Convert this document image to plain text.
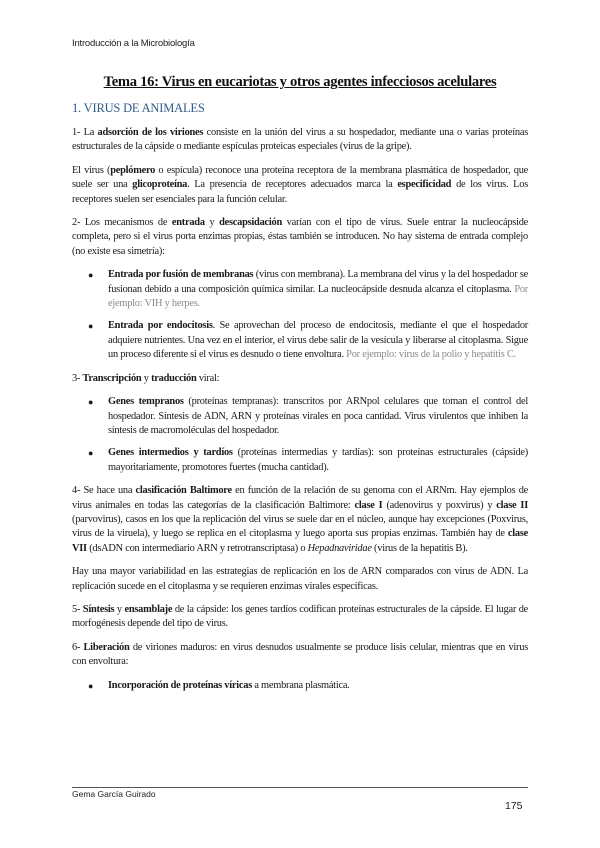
Introducción a la Microbiología
Tema 16: Virus en eucariotas y otros agentes infecciosos acelulares
1. VIRUS DE ANIMALES

1- La adsorción de los viriones consiste en la unión del virus a su hospedador, mediante una o varias proteínas estructurales de la cápside o mediante espículas proteicas especiales (virus de la gripe).

El virus (peplómero o espícula) reconoce una proteína receptora de la membrana plasmática de hospedador, que suele ser una glicoproteína. La presencia de receptores adecuados marca la especificidad de los virus. Los receptores suelen ser esenciales para la función celular.

2- Los mecanismos de entrada y descapsidación varían con el tipo de virus. Suele entrar la nucleocápside completa, pero si el virus porta enzimas propias, éstas también se introducen. No hay sistema de entrada complejo (no existe esa simetría):

● Entrada por fusión de membranas (virus con membrana). La membrana del virus y la del hospedador se fusionan debido a una composición química similar. La nucleocápside desnuda alcanza el citoplasma. Por ejemplo: VIH y herpes.
● Entrada por endocitosis. Se aprovechan del proceso de endocitosis, mediante el que el hospedador adquiere nutrientes. Una vez en el interior, el virus debe salir de la vesícula y liberarse al citoplasma. Sigue un proceso diferente si el virus es desnudo o tiene envoltura. Por ejemplo: virus de la polio y hepatitis C.

3- Transcripción y traducción viral:

● Genes tempranos (proteínas tempranas): transcritos por ARNpol celulares que toman el control del hospedador. Síntesis de ADN, ARN y proteínas virales en poca cantidad. Virus virulentos que inhiben la síntesis de macromoléculas del hospedador.
● Genes intermedios y tardíos (proteínas intermedias y tardías): son proteínas estructurales (cápside) mayoritariamente, promotores fuertes (mucha cantidad).

4- Se hace una clasificación Baltimore en función de la relación de su genoma con el ARNm. Hay ejemplos de virus animales en todas las categorías de la clasificación Baltimore: clase I (adenovirus y poxvirus) y clase II (parvovirus), casos en los que la replicación del virus se suele dar en el núcleo, aunque hay excepciones (Poxvirus, virus de la viruela), y luego se replica en el citoplasma y luego aporta sus propias enzimas. También hay de clase VII (dsADN con intermediario ARN y retrotranscriptasa) o Hepadnaviridae (virus de la hepatitis B).

Hay una mayor variabilidad en las estrategias de replicación en los de ARN comparados con virus de ADN. La replicación sucede en el citoplasma y se requieren enzimas virales específicas.

5- Síntesis y ensamblaje de la cápside: los genes tardíos codifican proteínas estructurales de la cápside. El lugar de morfogénesis depende del tipo de virus.

6- Liberación de viriones maduros: en virus desnudos usualmente se produce lisis celular, mientras que en virus con envoltura:

● Incorporación de proteínas víricas a membrana plasmática.
Gema García Guirado
175
